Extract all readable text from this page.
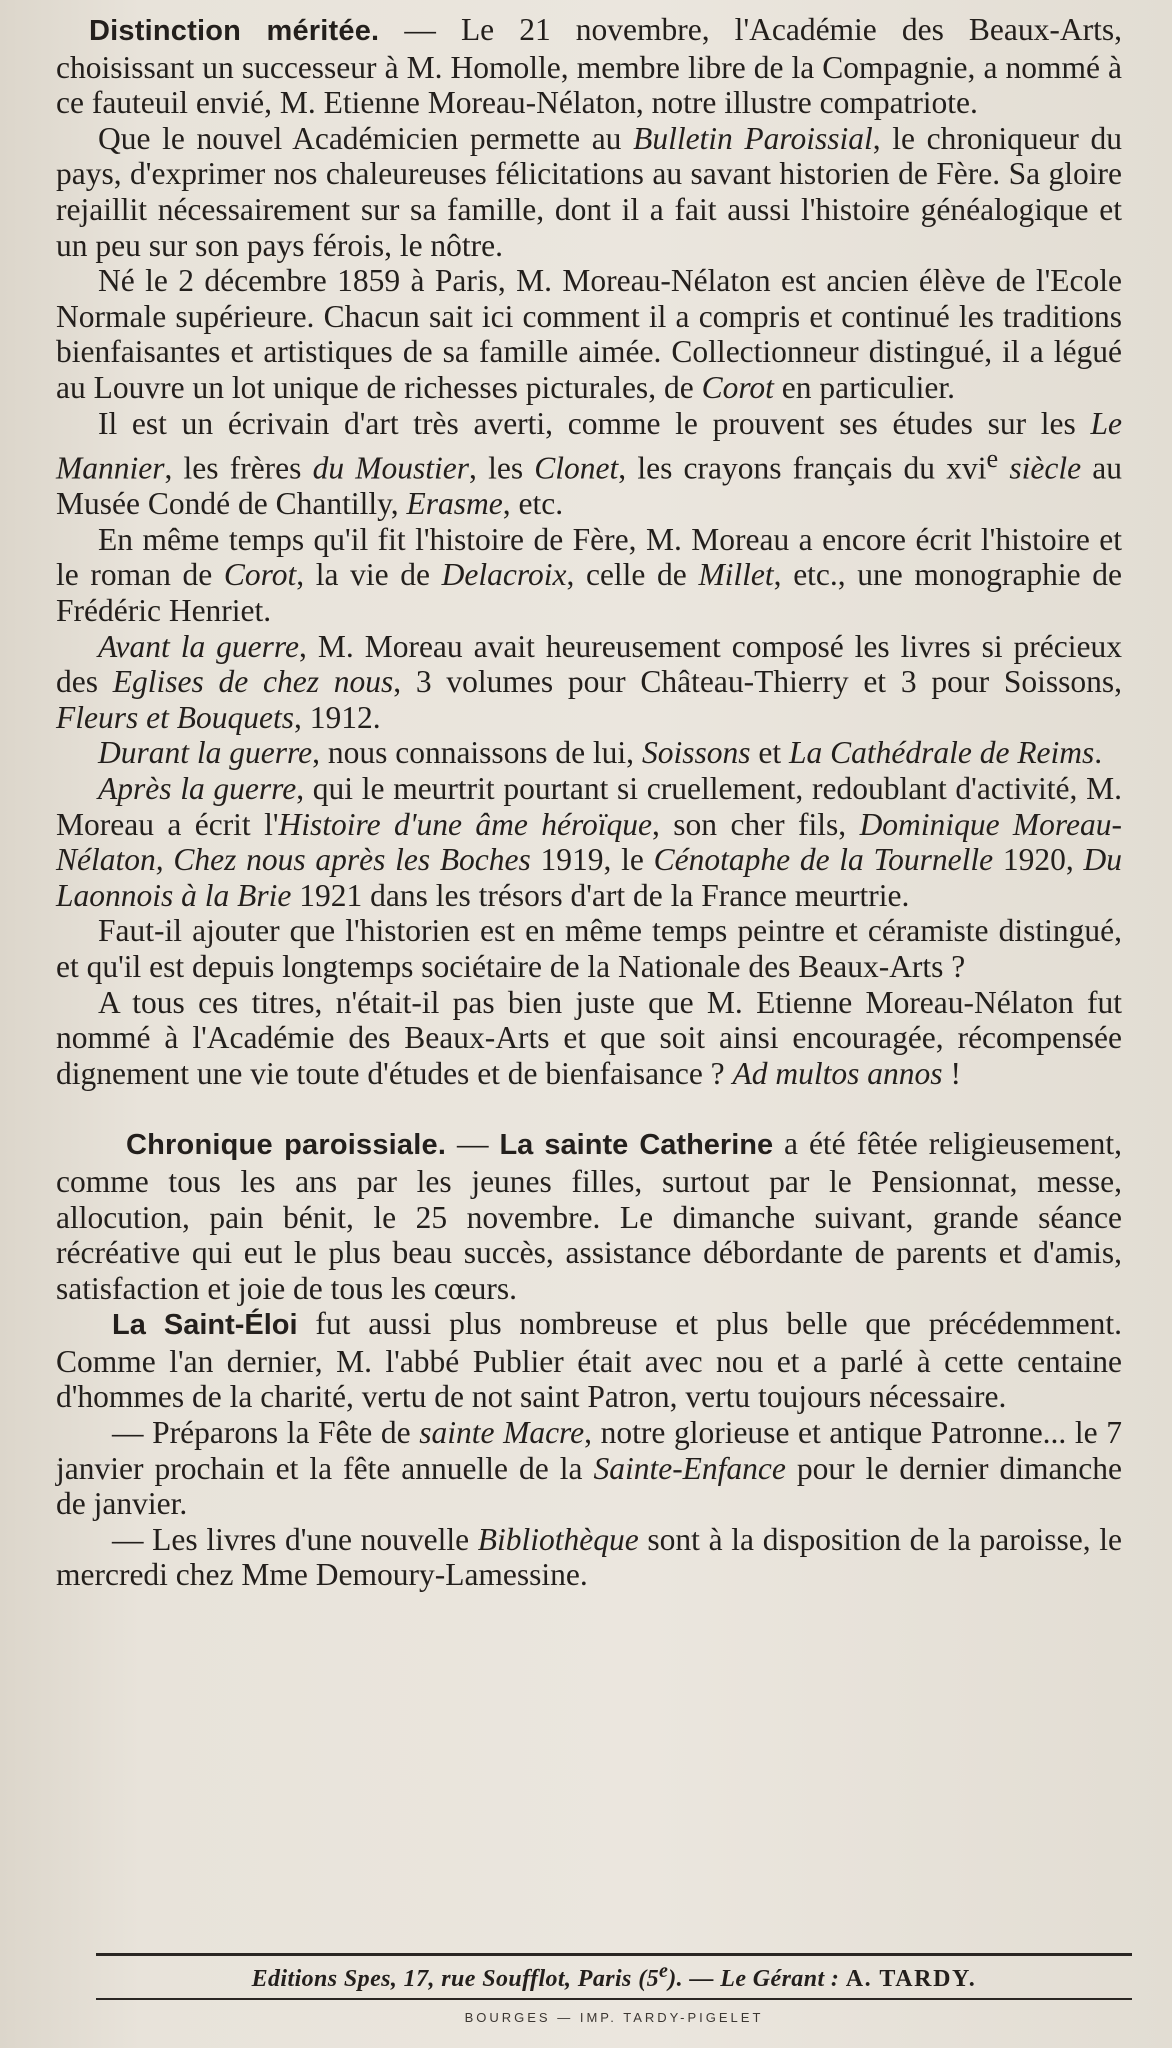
Distinction méritée. — Le 21 novembre, l'Académie des Beaux-Arts, choisissant un successeur à M. Homolle, membre libre de la Compagnie, a nommé à ce fauteuil envié, M. Etienne Moreau-Nélaton, notre illustre compatriote.

Que le nouvel Académicien permette au Bulletin Paroissial, le chroniqueur du pays, d'exprimer nos chaleureuses félicitations au savant historien de Fère. Sa gloire rejaillit nécessairement sur sa famille, dont il a fait aussi l'histoire généalogique et un peu sur son pays férois, le nôtre.

Né le 2 décembre 1859 à Paris, M. Moreau-Nélaton est ancien élève de l'Ecole Normale supérieure. Chacun sait ici comment il a compris et continué les traditions bienfaisantes et artistiques de sa famille aimée. Collectionneur distingué, il a légué au Louvre un lot unique de richesses picturales, de Corot en particulier.

Il est un écrivain d'art très averti, comme le prouvent ses études sur les Le Mannier, les frères du Moustier, les Clonet, les crayons français du xvi$^e$ siècle au Musée Condé de Chantilly, Erasme, etc.

En même temps qu'il fit l'histoire de Fère, M. Moreau a encore écrit l'histoire et le roman de Corot, la vie de Delacroix, celle de Millet, etc., une monographie de Frédéric Henriet.

Avant la guerre, M. Moreau avait heureusement composé les livres si précieux des Eglises de chez nous, 3 volumes pour Château-Thierry et 3 pour Soissons, Fleurs et Bouquets, 1912.

Durant la guerre, nous connaissons de lui, Soissons et La Cathédrale de Reims.

Après la guerre, qui le meurtrit pourtant si cruellement, redoublant d'activité, M. Moreau a écrit l'Histoire d'une âme héroïque, son cher fils, Dominique Moreau-Nélaton, Chez nous après les Boches 1919, le Cénotaphe de la Tournelle 1920, Du Laonnois à la Brie 1921 dans les trésors d'art de la France meurtrie.

Faut-il ajouter que l'historien est en même temps peintre et céramiste distingué, et qu'il est depuis longtemps sociétaire de la Nationale des Beaux-Arts ?

A tous ces titres, n'était-il pas bien juste que M. Etienne Moreau-Nélaton fut nommé à l'Académie des Beaux-Arts et que soit ainsi encouragée, récompensée dignement une vie toute d'études et de bienfaisance ? Ad multos annos !

Chronique paroissiale. — La sainte Catherine a été fêtée religieusement, comme tous les ans par les jeunes filles, surtout par le Pensionnat, messe, allocution, pain bénit, le 25 novembre. Le dimanche suivant, grande séance récréative qui eut le plus beau succès, assistance débordante de parents et d'amis, satisfaction et joie de tous les cœurs.

La Saint-Éloi fut aussi plus nombreuse et plus belle que précédemment. Comme l'an dernier, M. l'abbé Publier était avec nou et a parlé à cette centaine d'hommes de la charité, vertu de not saint Patron, vertu toujours nécessaire.

— Préparons la Fête de sainte Macre, notre glorieuse et antique Patronne... le 7 janvier prochain et la fête annuelle de la Sainte-Enfance pour le dernier dimanche de janvier.

— Les livres d'une nouvelle Bibliothèque sont à la disposition de la paroisse, le mercredi chez Mme Demoury-Lamessine.

Editions Spes, 17, rue Soufflot, Paris (5e). — Le Gérant : A. TARDY.
BOURGES — IMP. TARDY-PIGELET
